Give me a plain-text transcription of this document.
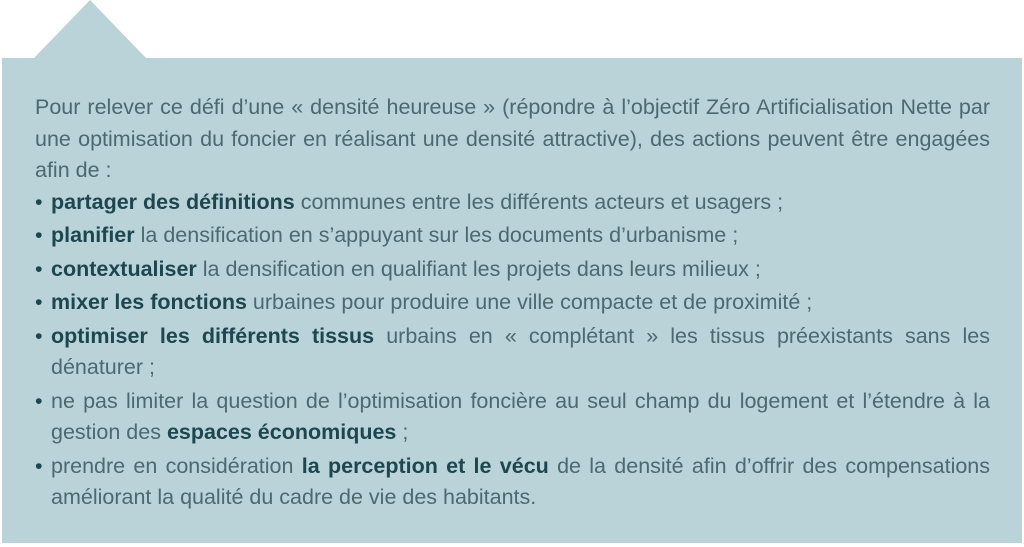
Pour relever ce défi d’une « densité heureuse » (répondre à l’objectif Zéro Artificialisation Nette par une optimisation du foncier en réalisant une densité attractive), des actions peuvent être engagées afin de :

• partager des définitions communes entre les différents acteurs et usagers ;
• planifier la densification en s’appuyant sur les documents d’urbanisme ;
• contextualiser la densification en qualifiant les projets dans leurs milieux ;
• mixer les fonctions urbaines pour produire une ville compacte et de proximité ;
• optimiser les différents tissus urbains en « complétant » les tissus préexistants sans les dénaturer ;
• ne pas limiter la question de l’optimisation foncière au seul champ du logement et l’étendre à la gestion des espaces économiques ;
• prendre en considération la perception et le vécu de la densité afin d’offrir des compensations améliorant la qualité du cadre de vie des habitants.
